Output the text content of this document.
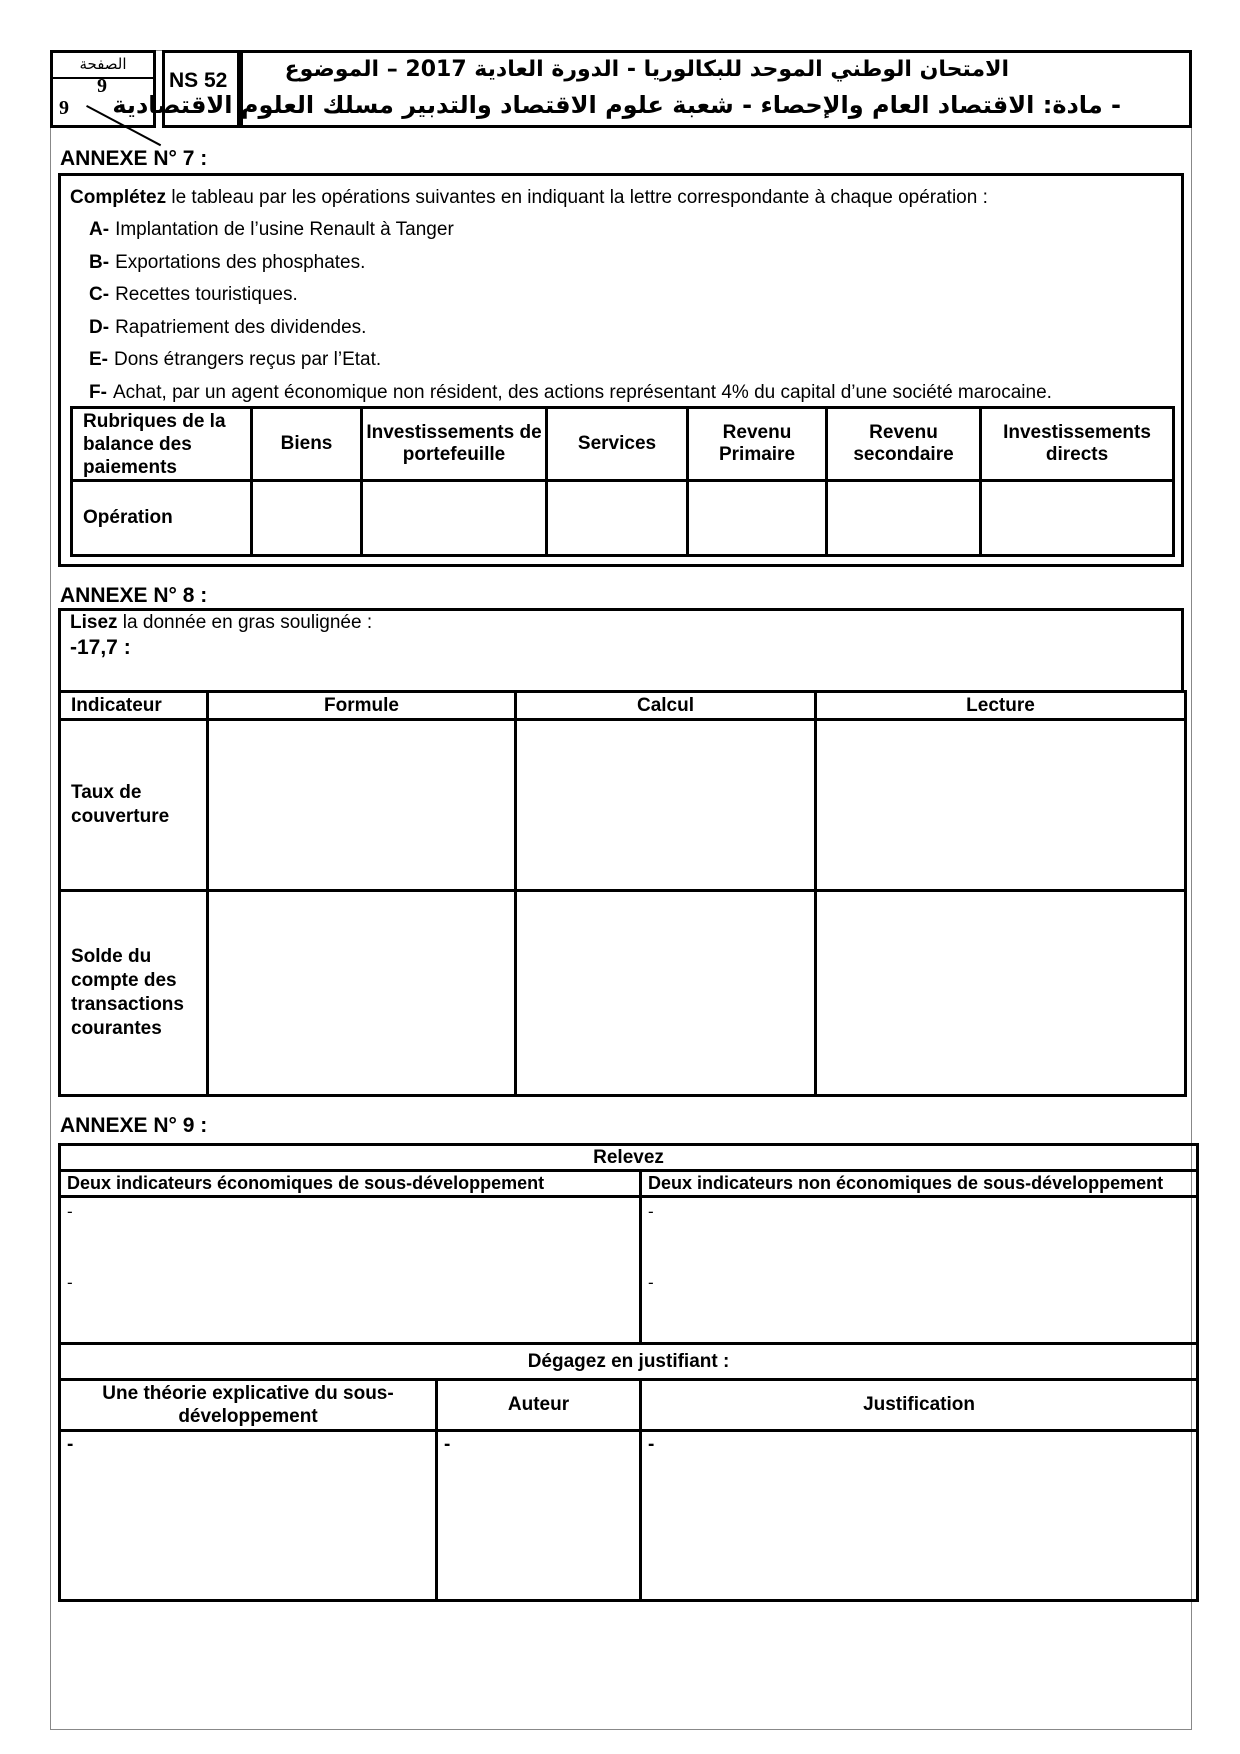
الصفحة
9
9
NS 52	الامتحان الوطني الموحد للبكالوريا - الدورة العادية 2017 – الموضوع
- مادة: الاقتصاد العام والإحصاء - شعبة علوم الاقتصاد والتدبير مسلك العلوم الاقتصادية
ANNEXE N° 7 :
Complétez le tableau par les opérations suivantes en indiquant la lettre correspondante à chaque opération :
A- Implantation de l’usine Renault à Tanger
B- Exportations des phosphates.
C- Recettes touristiques.
D- Rapatriement des dividendes.
E- Dons étrangers reçus par l’Etat.
F- Achat, par un agent économique non résident, des actions représentant 4% du capital d’une société marocaine.
Rubriques de la balance des paiements	Biens	Investissements de portefeuille	Services	Revenu Primaire	Revenu secondaire	Investissements directs
Opération						
ANNEXE N° 8 :
Lisez la donnée en gras soulignée :
-17,7 :
Indicateur	Formule	Calcul	Lecture
Taux de couverture			
Solde du compte des transactions courantes			
ANNEXE N° 9 :
Relevez		
Deux indicateurs économiques de sous-développement		Deux indicateurs non économiques de sous-développement

-
-		-
-

Dégagez en justifiant :		
Une théorie explicative du sous-développement	Auteur	Justification

-	-	-
